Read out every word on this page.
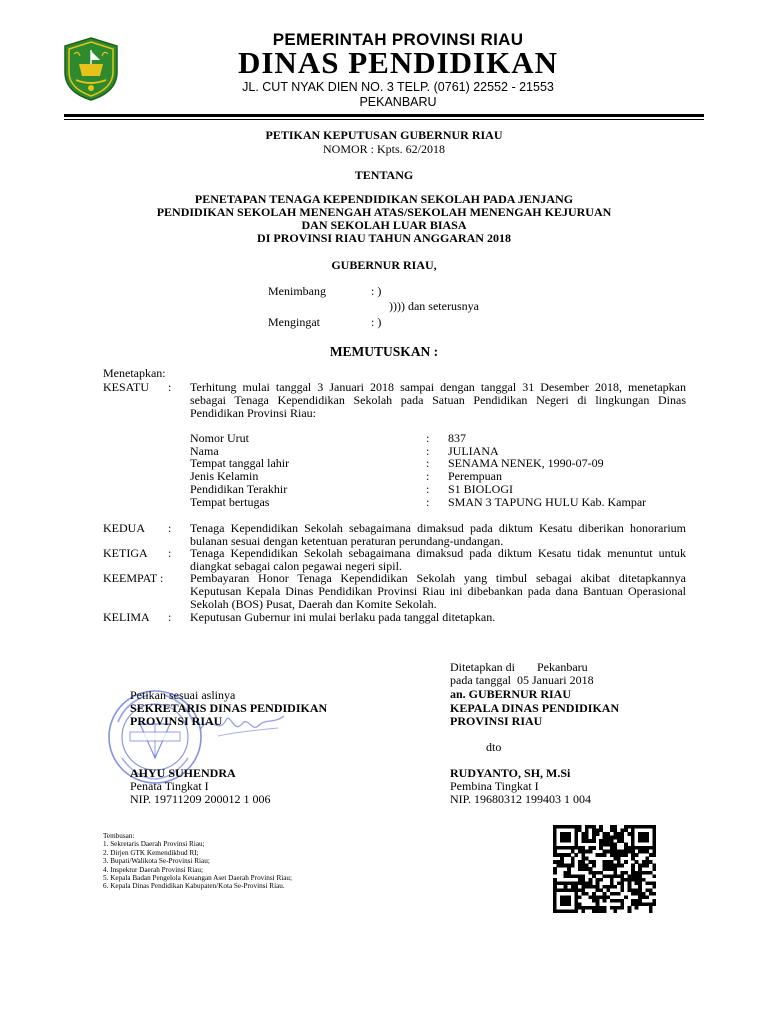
PEMERINTAH PROVINSI RIAU
DINAS PENDIDIKAN
JL. CUT NYAK DIEN NO. 3 TELP. (0761) 22552 - 21553
PEKANBARU
PETIKAN KEPUTUSAN GUBERNUR RIAU
NOMOR : Kpts. 62/2018
TENTANG
PENETAPAN TENAGA KEPENDIDIKAN SEKOLAH PADA JENJANG
PENDIDIKAN SEKOLAH MENENGAH ATAS/SEKOLAH MENENGAH KEJURUAN
DAN SEKOLAH LUAR BIASA
DI PROVINSI RIAU TAHUN ANGGARAN 2018
GUBERNUR RIAU,
Menimbang	: )
)))) dan seterusnya
Mengingat	: )
MEMUTUSKAN :
Menetapkan:
KESATU : Terhitung mulai tanggal 3 Januari 2018 sampai dengan tanggal 31 Desember 2018, menetapkan sebagai Tenaga Kependidikan Sekolah pada Satuan Pendidikan Negeri di lingkungan Dinas Pendidikan Provinsi Riau:
Nomor Urut	:	837
Nama	:	JULIANA
Tempat tanggal lahir	:	SENAMA NENEK, 1990-07-09
Jenis Kelamin	:	Perempuan
Pendidikan Terakhir	:	S1 BIOLOGI
Tempat bertugas	:	SMAN 3 TAPUNG HULU Kab. Kampar
KEDUA : Tenaga Kependidikan Sekolah sebagaimana dimaksud pada diktum Kesatu diberikan honorarium bulanan sesuai dengan ketentuan peraturan perundang-undangan.
KETIGA : Tenaga Kependidikan Sekolah sebagaimana dimaksud pada diktum Kesatu tidak menuntut untuk diangkat sebagai calon pegawai negeri sipil.
KEEMPAT : Pembayaran Honor Tenaga Kependidikan Sekolah yang timbul sebagai akibat ditetapkannya Keputusan Kepala Dinas Pendidikan Provinsi Riau ini dibebankan pada dana Bantuan Operasional Sekolah (BOS) Pusat, Daerah dan Komite Sekolah.
KELIMA : Keputusan Gubernur ini mulai berlaku pada tanggal ditetapkan.
Ditetapkan di Pekanbaru
pada tanggal  05 Januari 2018
Petikan sesuai aslinya
SEKRETARIS DINAS PENDIDIKAN
PROVINSI RIAU
AHYU SUHENDRA
Penata Tingkat I
NIP. 19711209 200012 1 006
an. GUBERNUR RIAU
KEPALA DINAS PENDIDIKAN
PROVINSI RIAU
dto
RUDYANTO, SH, M.Si
Pembina Tingkat I
NIP. 19680312 199403 1 004
Tembusan:
1. Sekretaris Daerah Provinsi Riau;
2. Dirjen GTK Kemendikbud RI;
3. Bupati/Walikota Se-Provinsi Riau;
4. Inspektur Daerah Provinsi Riau;
5. Kepala Badan Pengelola Keuangan Aset Daerah Provinsi Riau;
6. Kepala Dinas Pendidikan Kabupaten/Kota Se-Provinsi Riau.
